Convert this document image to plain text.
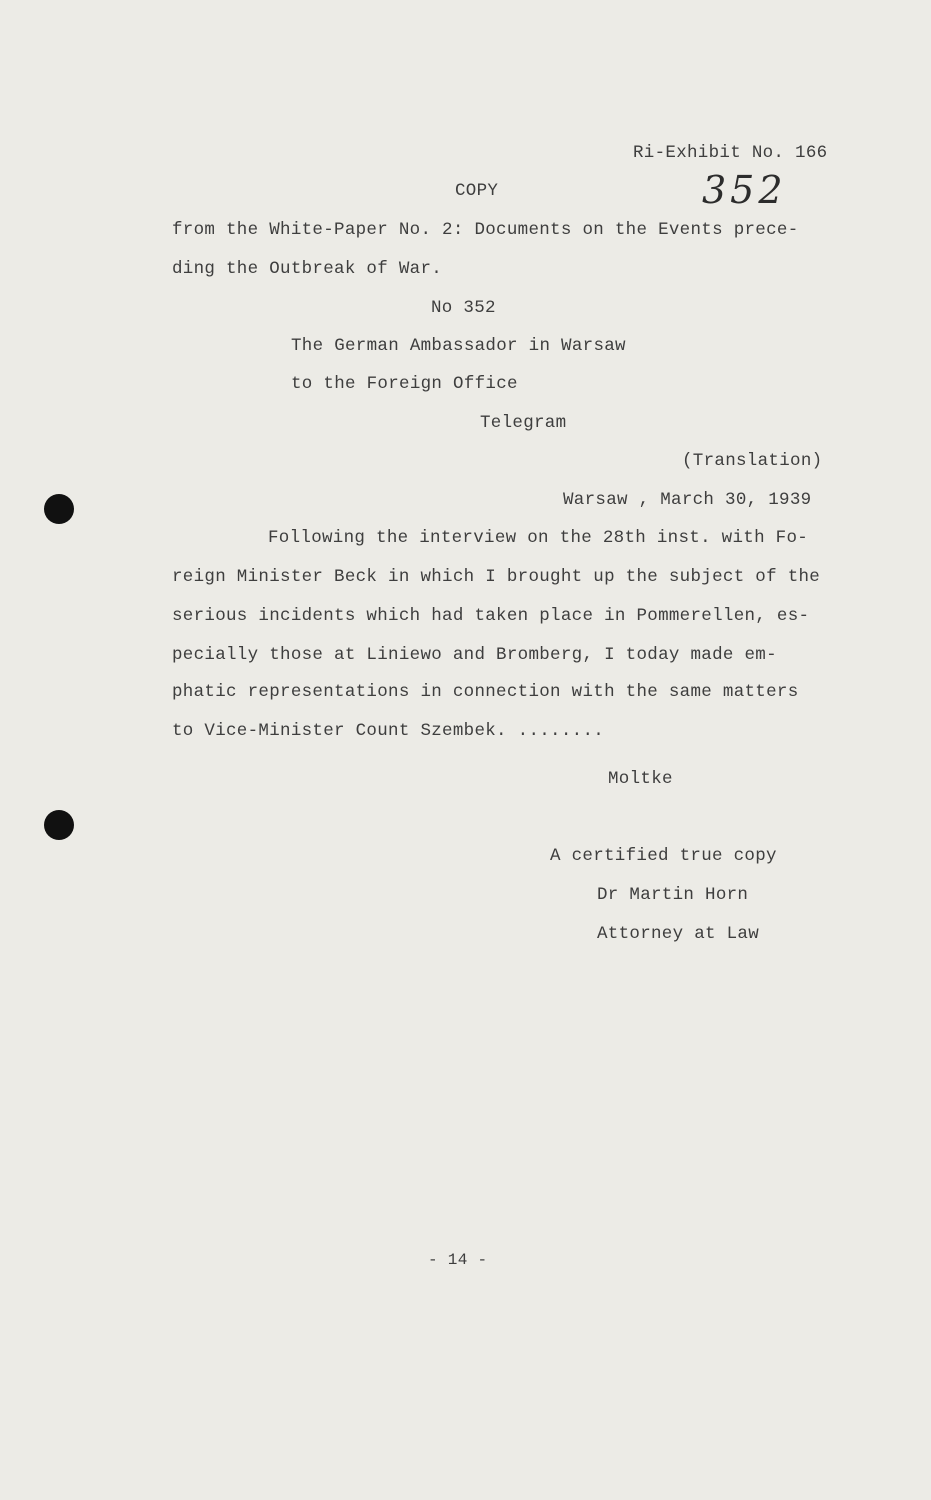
Ri-Exhibit No. 166
COPY	352
from the White-Paper No. 2: Documents on the Events prece-
ding the Outbreak of War.
No 352
The German Ambassador in Warsaw
to the Foreign Office
Telegram
(Translation)
Warsaw , March 30, 1939
Following the interview on the 28th inst. with Fo-
reign Minister Beck in which I brought up the subject of the
serious incidents which had taken place in Pommerellen, es-
pecially those at Liniewo and Bromberg, I today made em-
phatic representations in connection with the same matters
to Vice-Minister Count Szembek. ........
Moltke
A certified true copy
Dr Martin Horn
Attorney at Law
- 14 -
